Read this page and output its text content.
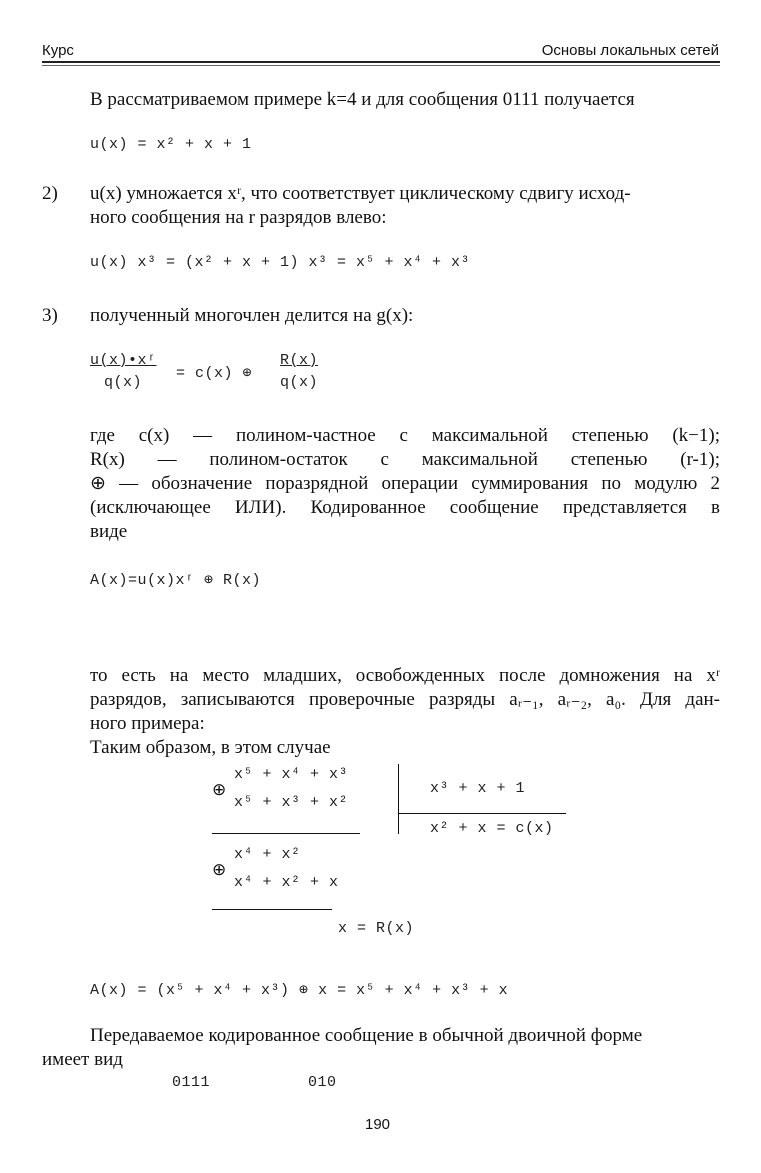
Курс	Основы локальных сетей
В рассматриваемом примере k=4 и для сообщения 0111 получается
u(x) = x² + x + 1
2) u(x) умножается xʳ, что соответствует циклическому сдвигу исход-
ного сообщения на r разрядов влево:
u(x) x³ = (x² + x + 1) x³ = x⁵ + x⁴ + x³
3) полученный многочлен делится на g(x):
u(x)•xʳ
q(x)
= c(x) ⊕
R(x)
q(x)
где c(x) — полином-частное с максимальной степенью (k−1);
R(x) — полином-остаток с максимальной степенью (r-1);
⊕ — обозначение поразрядной операции суммирования по модулю 2
(исключающее ИЛИ). Кодированное сообщение представляется в
виде
A(x)=u(x)xʳ ⊕ R(x)
то есть на место младших, освобожденных после домножения на xʳ
разрядов, записываются проверочные разряды aᵣ₋₁, aᵣ₋₂, a₀. Для дан-
ного примера:
Таким образом, в этом случае
x⁵ + x⁴ + x³
⊕
x⁵ + x³ + x²
x⁴ + x²
⊕
x⁴ + x² + x
x = R(x)
x³ + x + 1
x² + x = c(x)
A(x) = (x⁵ + x⁴ + x³) ⊕ x = x⁵ + x⁴ + x³ + x
Передаваемое кодированное сообщение в обычной двоичной форме
имеет вид
0111	010
190
